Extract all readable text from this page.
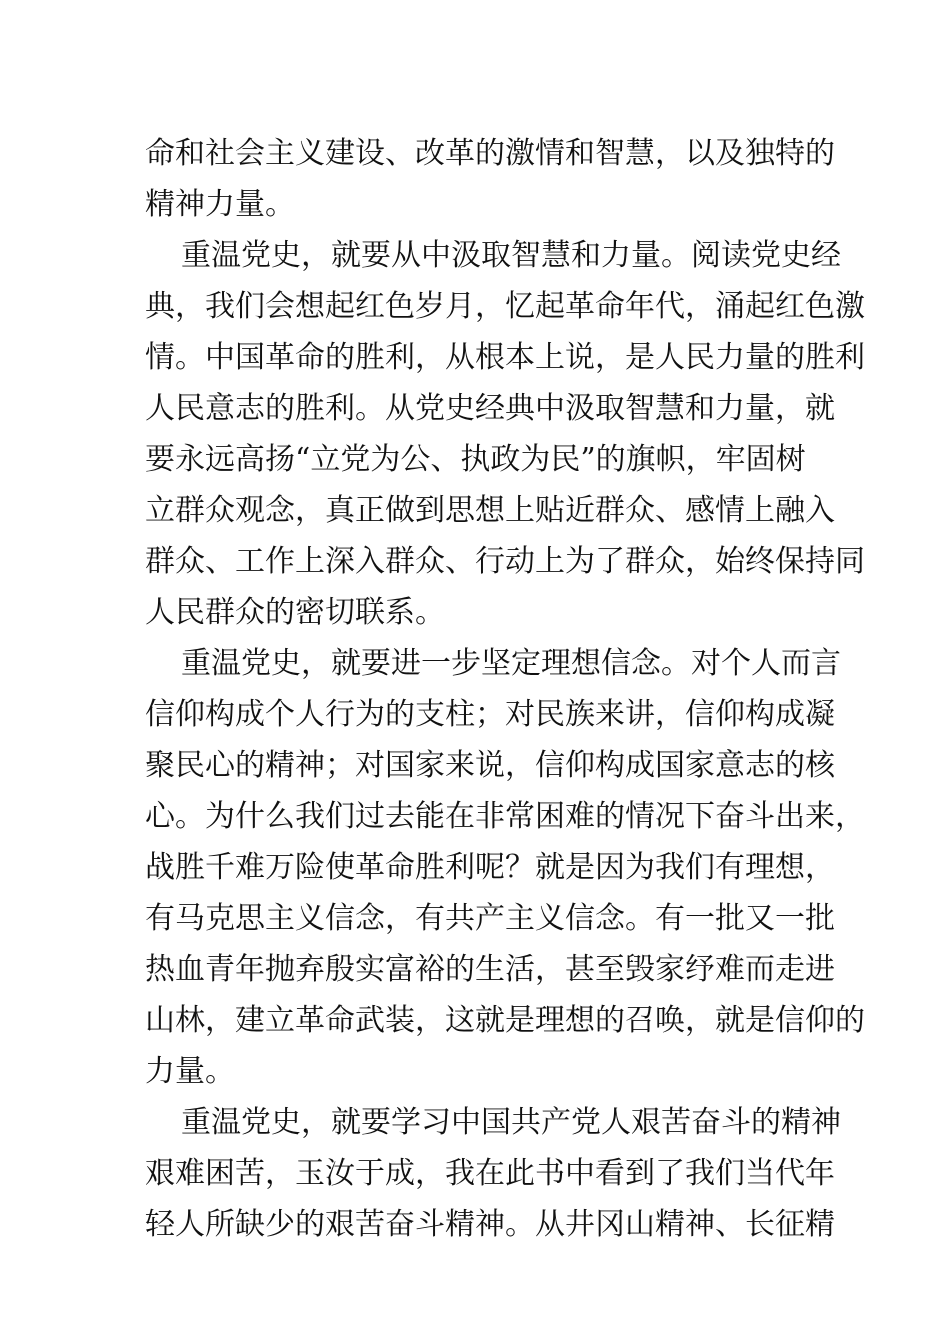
命和社会主义建设、改革的激情和智慧，以及独特的
精神力量。
重温党史，就要从中汲取智慧和力量。阅读党史经
典，我们会想起红色岁月，忆起革命年代，涌起红色激
情。中国革命的胜利，从根本上说，是人民力量的胜利
人民意志的胜利。从党史经典中汲取智慧和力量，就
要永远高扬“立党为公、执政为民”的旗帜，牢固树
立群众观念，真正做到思想上贴近群众、感情上融入
群众、工作上深入群众、行动上为了群众，始终保持同
人民群众的密切联系。
重温党史，就要进一步坚定理想信念。对个人而言
信仰构成个人行为的支柱；对民族来讲，信仰构成凝
聚民心的精神；对国家来说，信仰构成国家意志的核
心。为什么我们过去能在非常困难的情况下奋斗出来，
战胜千难万险使革命胜利呢？就是因为我们有理想，
有马克思主义信念，有共产主义信念。有一批又一批
热血青年抛弃殷实富裕的生活，甚至毁家纾难而走进
山林，建立革命武装，这就是理想的召唤，就是信仰的
力量。
重温党史，就要学习中国共产党人艰苦奋斗的精神
艰难困苦，玉汝于成，我在此书中看到了我们当代年
轻人所缺少的艰苦奋斗精神。从井冈山精神、长征精
